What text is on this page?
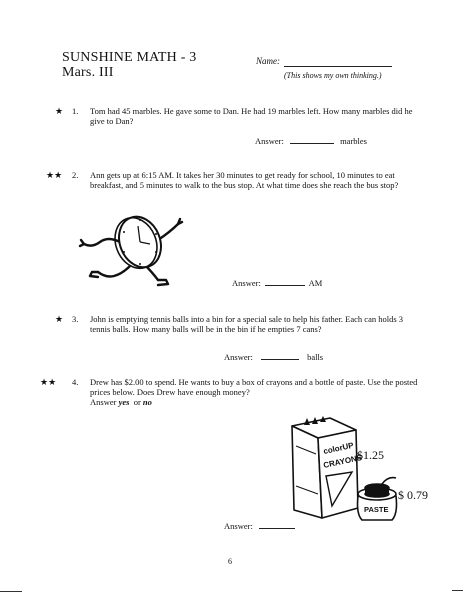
SUNSHINE MATH - 3
Mars. III
Name:
(This shows my own thinking.)
★ 1. Tom had 45 marbles. He gave some to Dan. He had 19 marbles left. How many marbles did he give to Dan?
Answer:	marbles
★★ 2. Ann gets up at 6:15 AM. It takes her 30 minutes to get ready for school, 10 minutes to eat breakfast, and 5 minutes to walk to the bus stop. At what time does she reach the bus stop?
Answer:	AM
★ 3. John is emptying tennis balls into a bin for a special sale to help his father. Each can holds 3 tennis balls. How many balls will be in the bin if he empties 7 cans?
Answer:	balls
★★ 4. Drew has $2.00 to spend. He wants to buy a box of crayons and a bottle of paste. Use the posted prices below. Does Drew have enough money?
Answer yes or no
colorUP
CRAYONS
$1.25
PASTE
$ 0.79
Answer:
6
